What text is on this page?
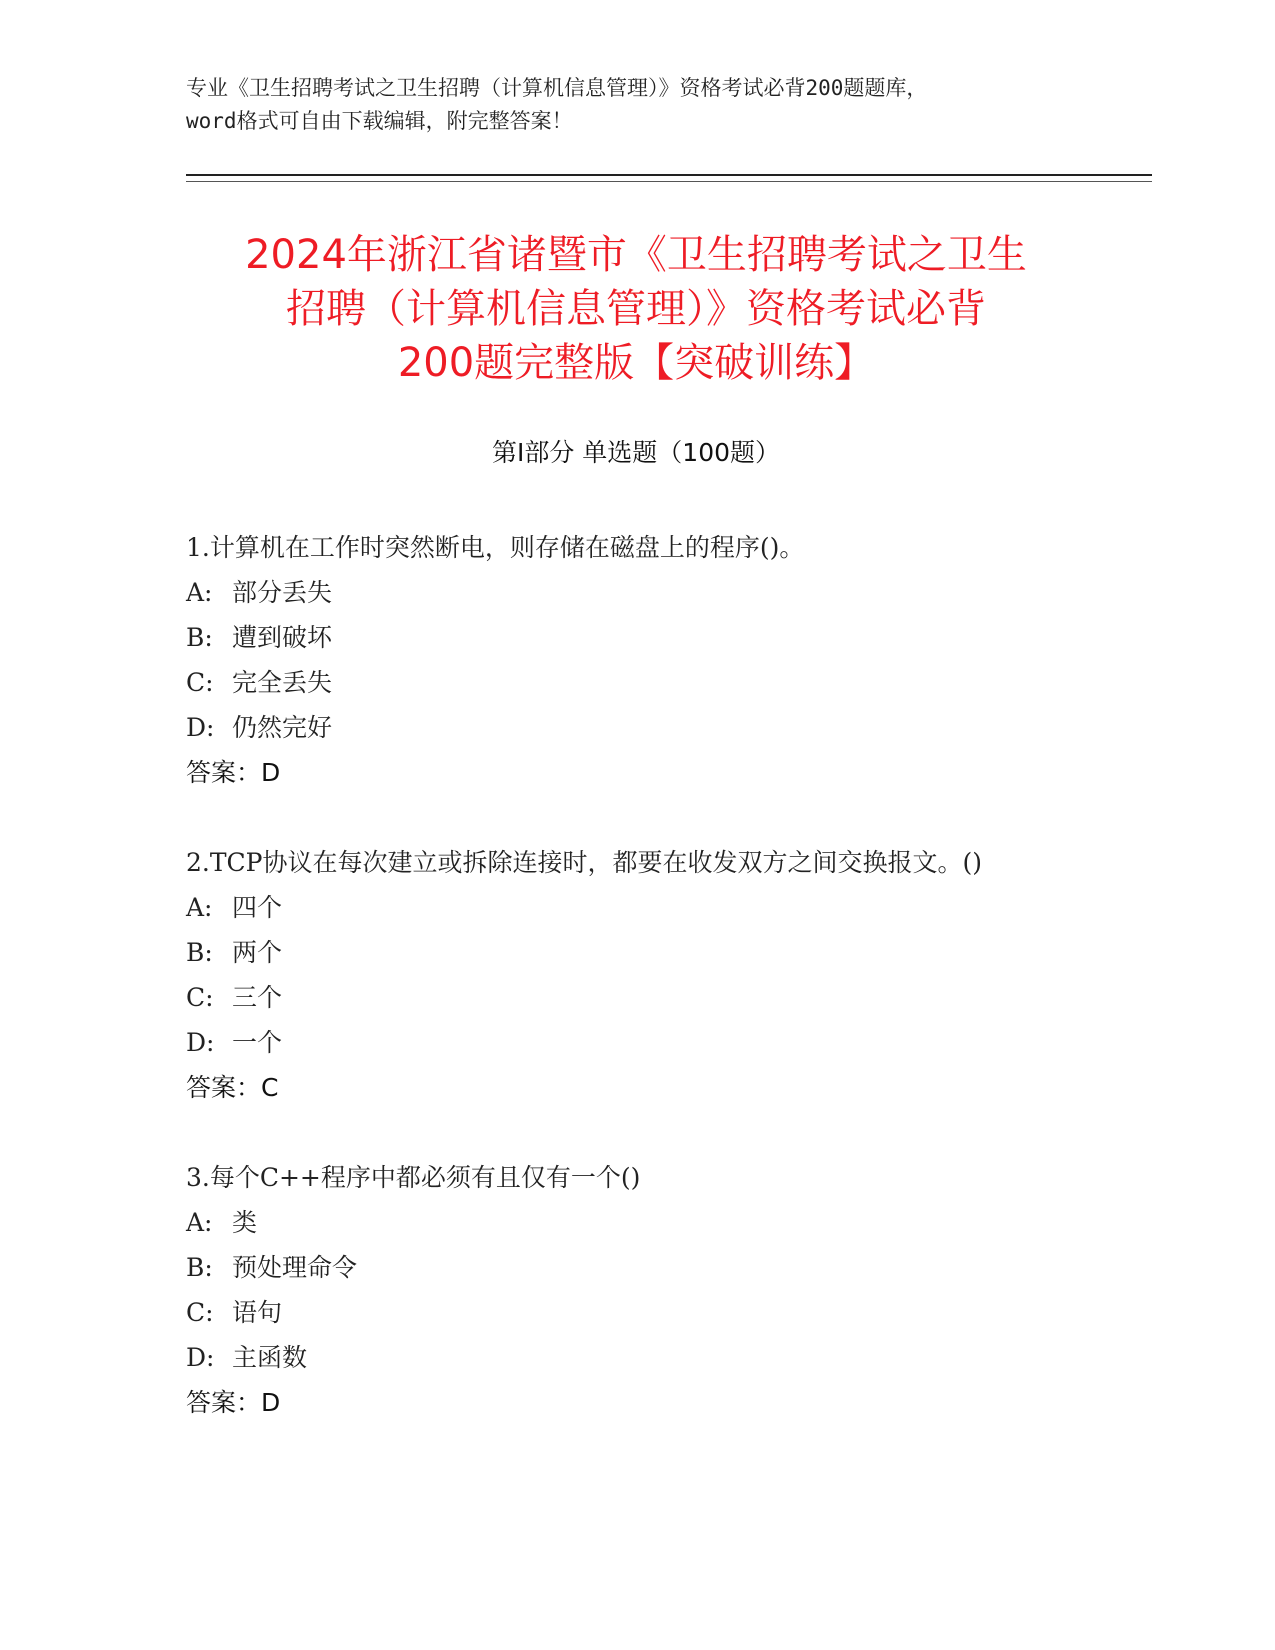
专业《卫生招聘考试之卫生招聘（计算机信息管理）》资格考试必背200题题库，
word格式可自由下载编辑，附完整答案！
2024年浙江省诸暨市《卫生招聘考试之卫生
招聘（计算机信息管理）》资格考试必背
200题完整版【突破训练】
第Ⅰ部分 单选题（100题）

1.计算机在工作时突然断电，则存储在磁盘上的程序()。

A: 部分丢失

B: 遭到破坏

C: 完全丢失

D: 仍然完好

答案：D

2.TCP协议在每次建立或拆除连接时，都要在收发双方之间交换报文。()

A: 四个

B: 两个

C: 三个

D: 一个

答案：C

3.每个C++程序中都必须有且仅有一个()

A: 类

B: 预处理命令

C: 语句

D: 主函数

答案：D
